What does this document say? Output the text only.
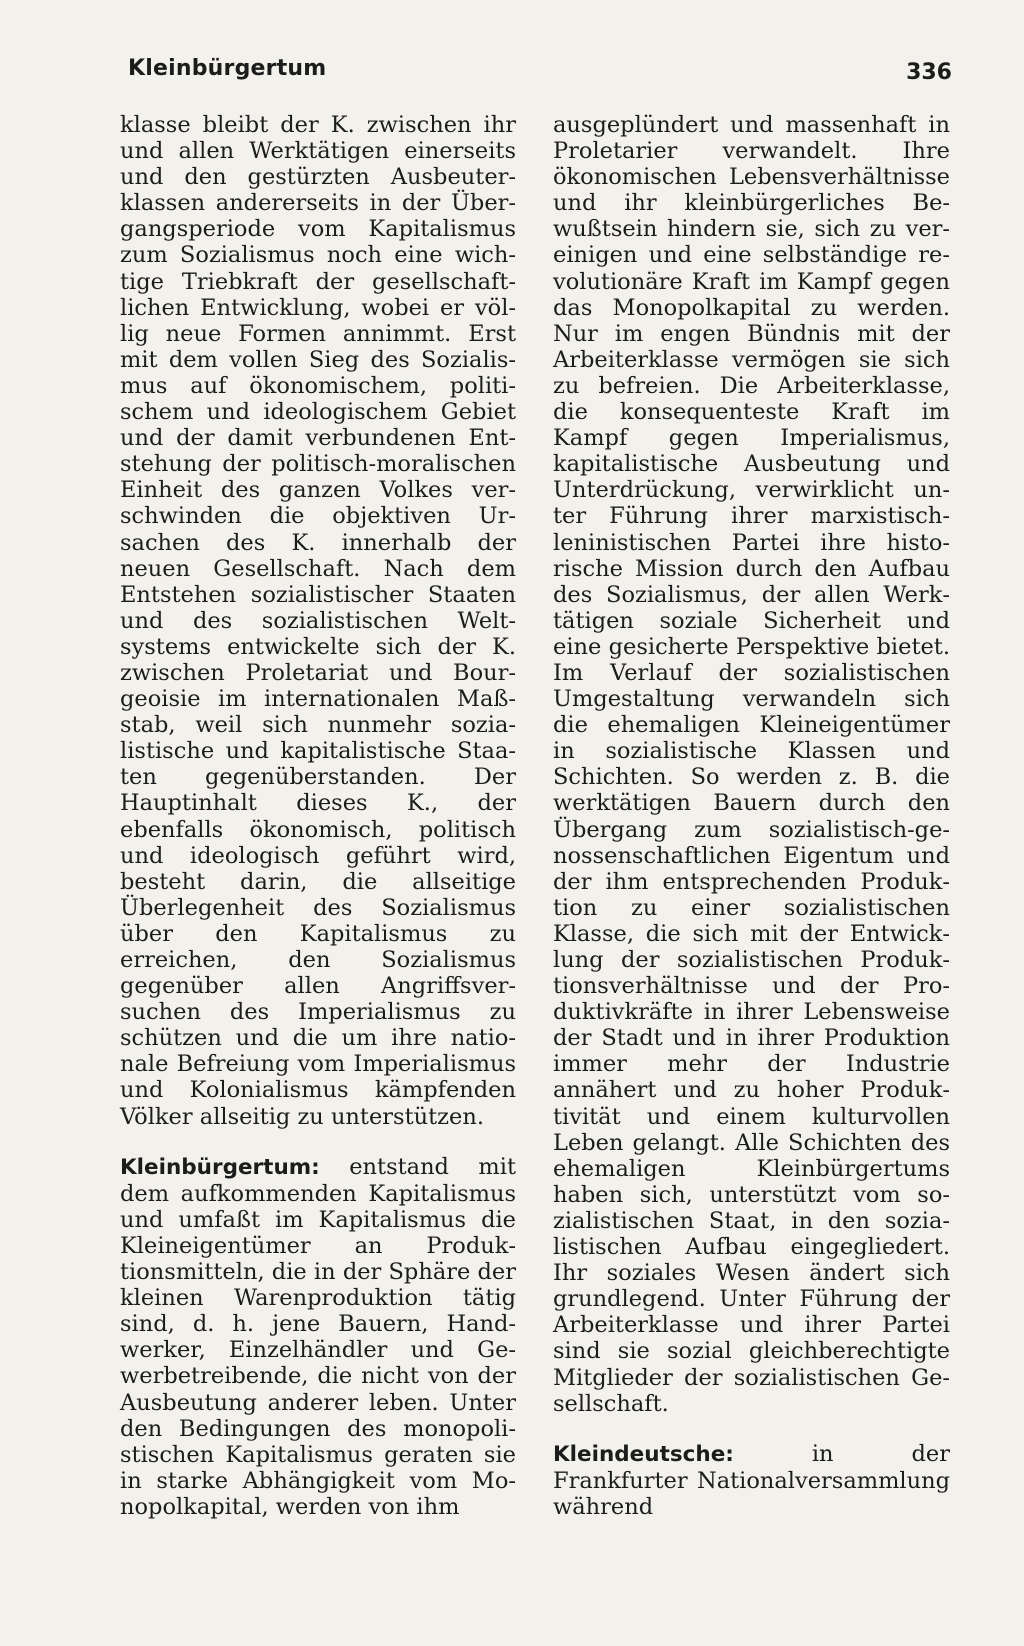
Kleinbürgertum	336

klasse bleibt der K. zwischen ihr und allen Werktätigen einerseits und den gestürzten Ausbeuterklassen andererseits in der Übergangsperiode vom Kapitalismus zum Sozialismus noch eine wichtige Triebkraft der gesellschaftlichen Entwicklung, wobei er völlig neue Formen annimmt. Erst mit dem vollen Sieg des Sozialismus auf ökonomischem, politischem und ideologischem Gebiet und der damit verbundenen Entstehung der politisch-moralischen Einheit des ganzen Volkes verschwinden die objektiven Ursachen des K. innerhalb der neuen Gesellschaft. Nach dem Entstehen sozialistischer Staaten und des sozialistischen Weltsystems entwickelte sich der K. zwischen Proletariat und Bourgeoisie im internationalen Maßstab, weil sich nunmehr sozialistische und kapitalistische Staaten gegenüberstanden. Der Hauptinhalt dieses K., der ebenfalls ökonomisch, politisch und ideologisch geführt wird, besteht darin, die allseitige Überlegenheit des Sozialismus über den Kapitalismus zu erreichen, den Sozialismus gegenüber allen Angriffsversuchen des Imperialismus zu schützen und die um ihre nationale Befreiung vom Imperialismus und Kolonialismus kämpfenden Völker allseitig zu unterstützen.

Kleinbürgertum: entstand mit dem aufkommenden Kapitalismus und umfaßt im Kapitalismus die Kleineigentümer an Produktionsmitteln, die in der Sphäre der kleinen Warenproduktion tätig sind, d. h. jene Bauern, Handwerker, Einzelhändler und Gewerbetreibende, die nicht von der Ausbeutung anderer leben. Unter den Bedingungen des monopolistischen Kapitalismus geraten sie in starke Abhängigkeit vom Monopolkapital, werden von ihm

ausgeplündert und massenhaft in Proletarier verwandelt. Ihre ökonomischen Lebensverhältnisse und ihr kleinbürgerliches Bewußtsein hindern sie, sich zu vereinigen und eine selbständige revolutionäre Kraft im Kampf gegen das Monopolkapital zu werden. Nur im engen Bündnis mit der Arbeiterklasse vermögen sie sich zu befreien. Die Arbeiterklasse, die konsequenteste Kraft im Kampf gegen Imperialismus, kapitalistische Ausbeutung und Unterdrückung, verwirklicht unter Führung ihrer marxistisch-leninistischen Partei ihre historische Mission durch den Aufbau des Sozialismus, der allen Werktätigen soziale Sicherheit und eine gesicherte Perspektive bietet. Im Verlauf der sozialistischen Umgestaltung verwandeln sich die ehemaligen Kleineigentümer in sozialistische Klassen und Schichten. So werden z. B. die werktätigen Bauern durch den Übergang zum sozialistisch-genossenschaftlichen Eigentum und der ihm entsprechenden Produktion zu einer sozialistischen Klasse, die sich mit der Entwicklung der sozialistischen Produktionsverhältnisse und der Produktivkräfte in ihrer Lebensweise der Stadt und in ihrer Produktion immer mehr der Industrie annähert und zu hoher Produktivität und einem kulturvollen Leben gelangt. Alle Schichten des ehemaligen Kleinbürgertums haben sich, unterstützt vom sozialistischen Staat, in den sozialistischen Aufbau eingegliedert. Ihr soziales Wesen ändert sich grundlegend. Unter Führung der Arbeiterklasse und ihrer Partei sind sie sozial gleichberechtigte Mitglieder der sozialistischen Gesellschaft.

Kleindeutsche:	in der Frankfurter Nationalversammlung während
